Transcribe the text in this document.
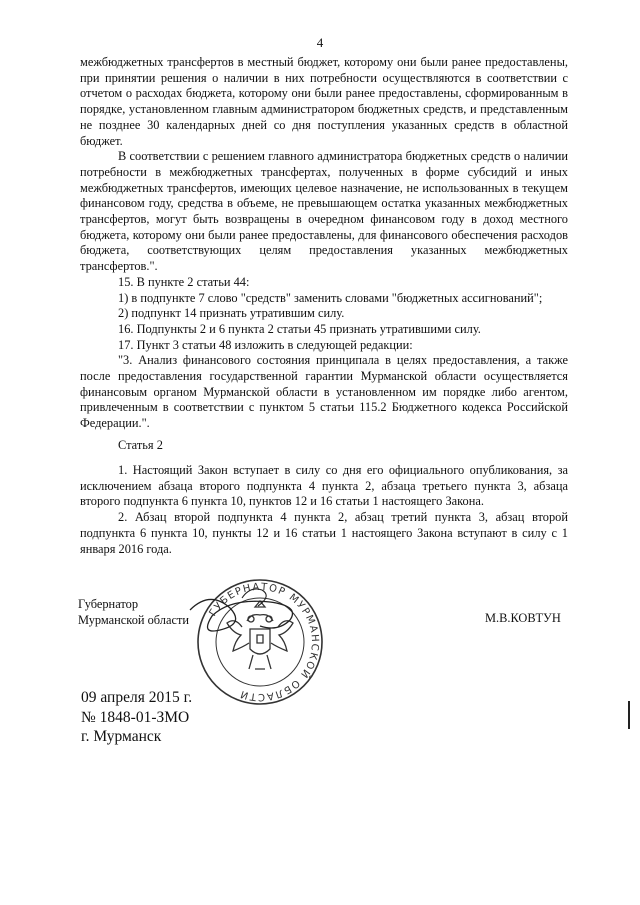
4

межбюджетных трансфертов в местный бюджет, которому они были ранее предоставлены, при принятии решения о наличии в них потребности осуществляются в соответствии с отчетом о расходах бюджета, которому они были ранее предоставлены, сформированным в порядке, установленном главным администратором бюджетных средств, и представленным не позднее 30 календарных дней со дня поступления указанных средств в областной бюджет.

В соответствии с решением главного администратора бюджетных средств о наличии потребности в межбюджетных трансфертах, полученных в форме субсидий и иных межбюджетных трансфертов, имеющих целевое назначение, не использованных в текущем финансовом году, средства в объеме, не превышающем остатка указанных межбюджетных трансфертов, могут быть возвращены в очередном финансовом году в доход местного бюджета, которому они были ранее предоставлены, для финансового обеспечения расходов бюджета, соответствующих целям предоставления указанных межбюджетных трансфертов.".

15. В пункте 2 статьи 44:

1) в подпункте 7 слово "средств" заменить словами "бюджетных ассигнований";

2) подпункт 14 признать утратившим силу.

16. Подпункты 2 и 6 пункта 2 статьи 45 признать утратившими силу.

17. Пункт 3 статьи 48 изложить в следующей редакции:

"3. Анализ финансового состояния принципала в целях предоставления, а также после предоставления государственной гарантии Мурманской области осуществляется финансовым органом Мурманской области в установленном им порядке либо агентом, привлеченным в соответствии с пунктом 5 статьи 115.2 Бюджетного кодекса Российской Федерации.".

Статья 2

1. Настоящий Закон вступает в силу со дня его официального опубликования, за исключением абзаца второго подпункта 4 пункта 2, абзаца третьего пункта 3, абзаца второго подпункта 6 пункта 10, пунктов 12 и 16 статьи 1 настоящего Закона.

2. Абзац второй подпункта 4 пункта 2, абзац третий пункта 3, абзац второй подпункта 6 пункта 10, пункты 12 и 16 статьи 1 настоящего Закона вступают в силу с 1 января 2016 года.

Губернатор
Мурманской области
ГУБЕРНАТОР МУРМАНСКОЙ ОБЛАСТИ
М.В.КОВТУН
09 апреля 2015 г.
№ 1848-01-ЗМО
г. Мурманск
